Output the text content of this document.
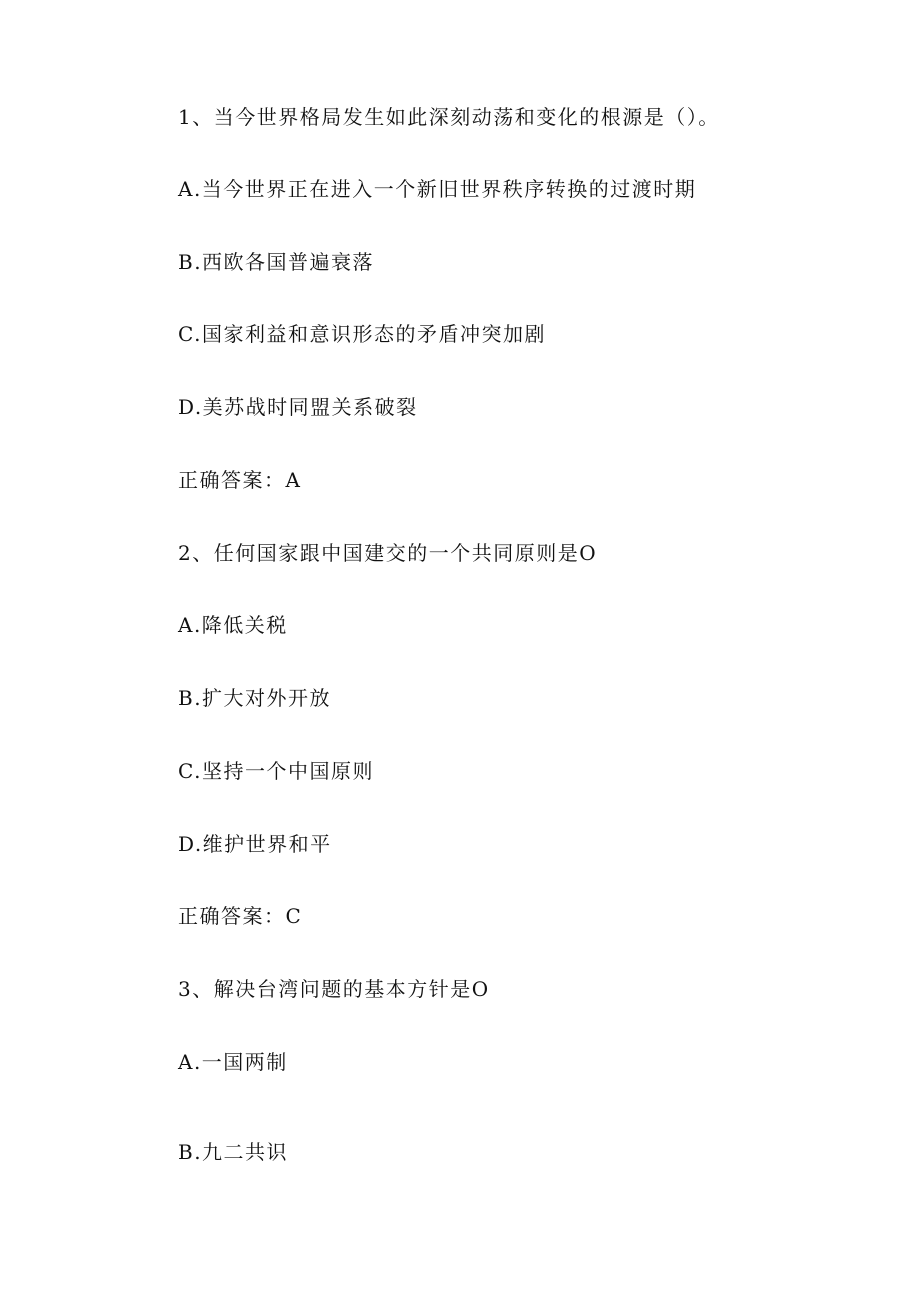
1、当今世界格局发生如此深刻动荡和变化的根源是（）。
A.当今世界正在进入一个新旧世界秩序转换的过渡时期
B.西欧各国普遍衰落
C.国家利益和意识形态的矛盾冲突加剧
D.美苏战时同盟关系破裂
正确答案：A
2、任何国家跟中国建交的一个共同原则是O
A.降低关税
B.扩大对外开放
C.坚持一个中国原则
D.维护世界和平
正确答案：C
3、解决台湾问题的基本方针是O
A.一国两制
B.九二共识
